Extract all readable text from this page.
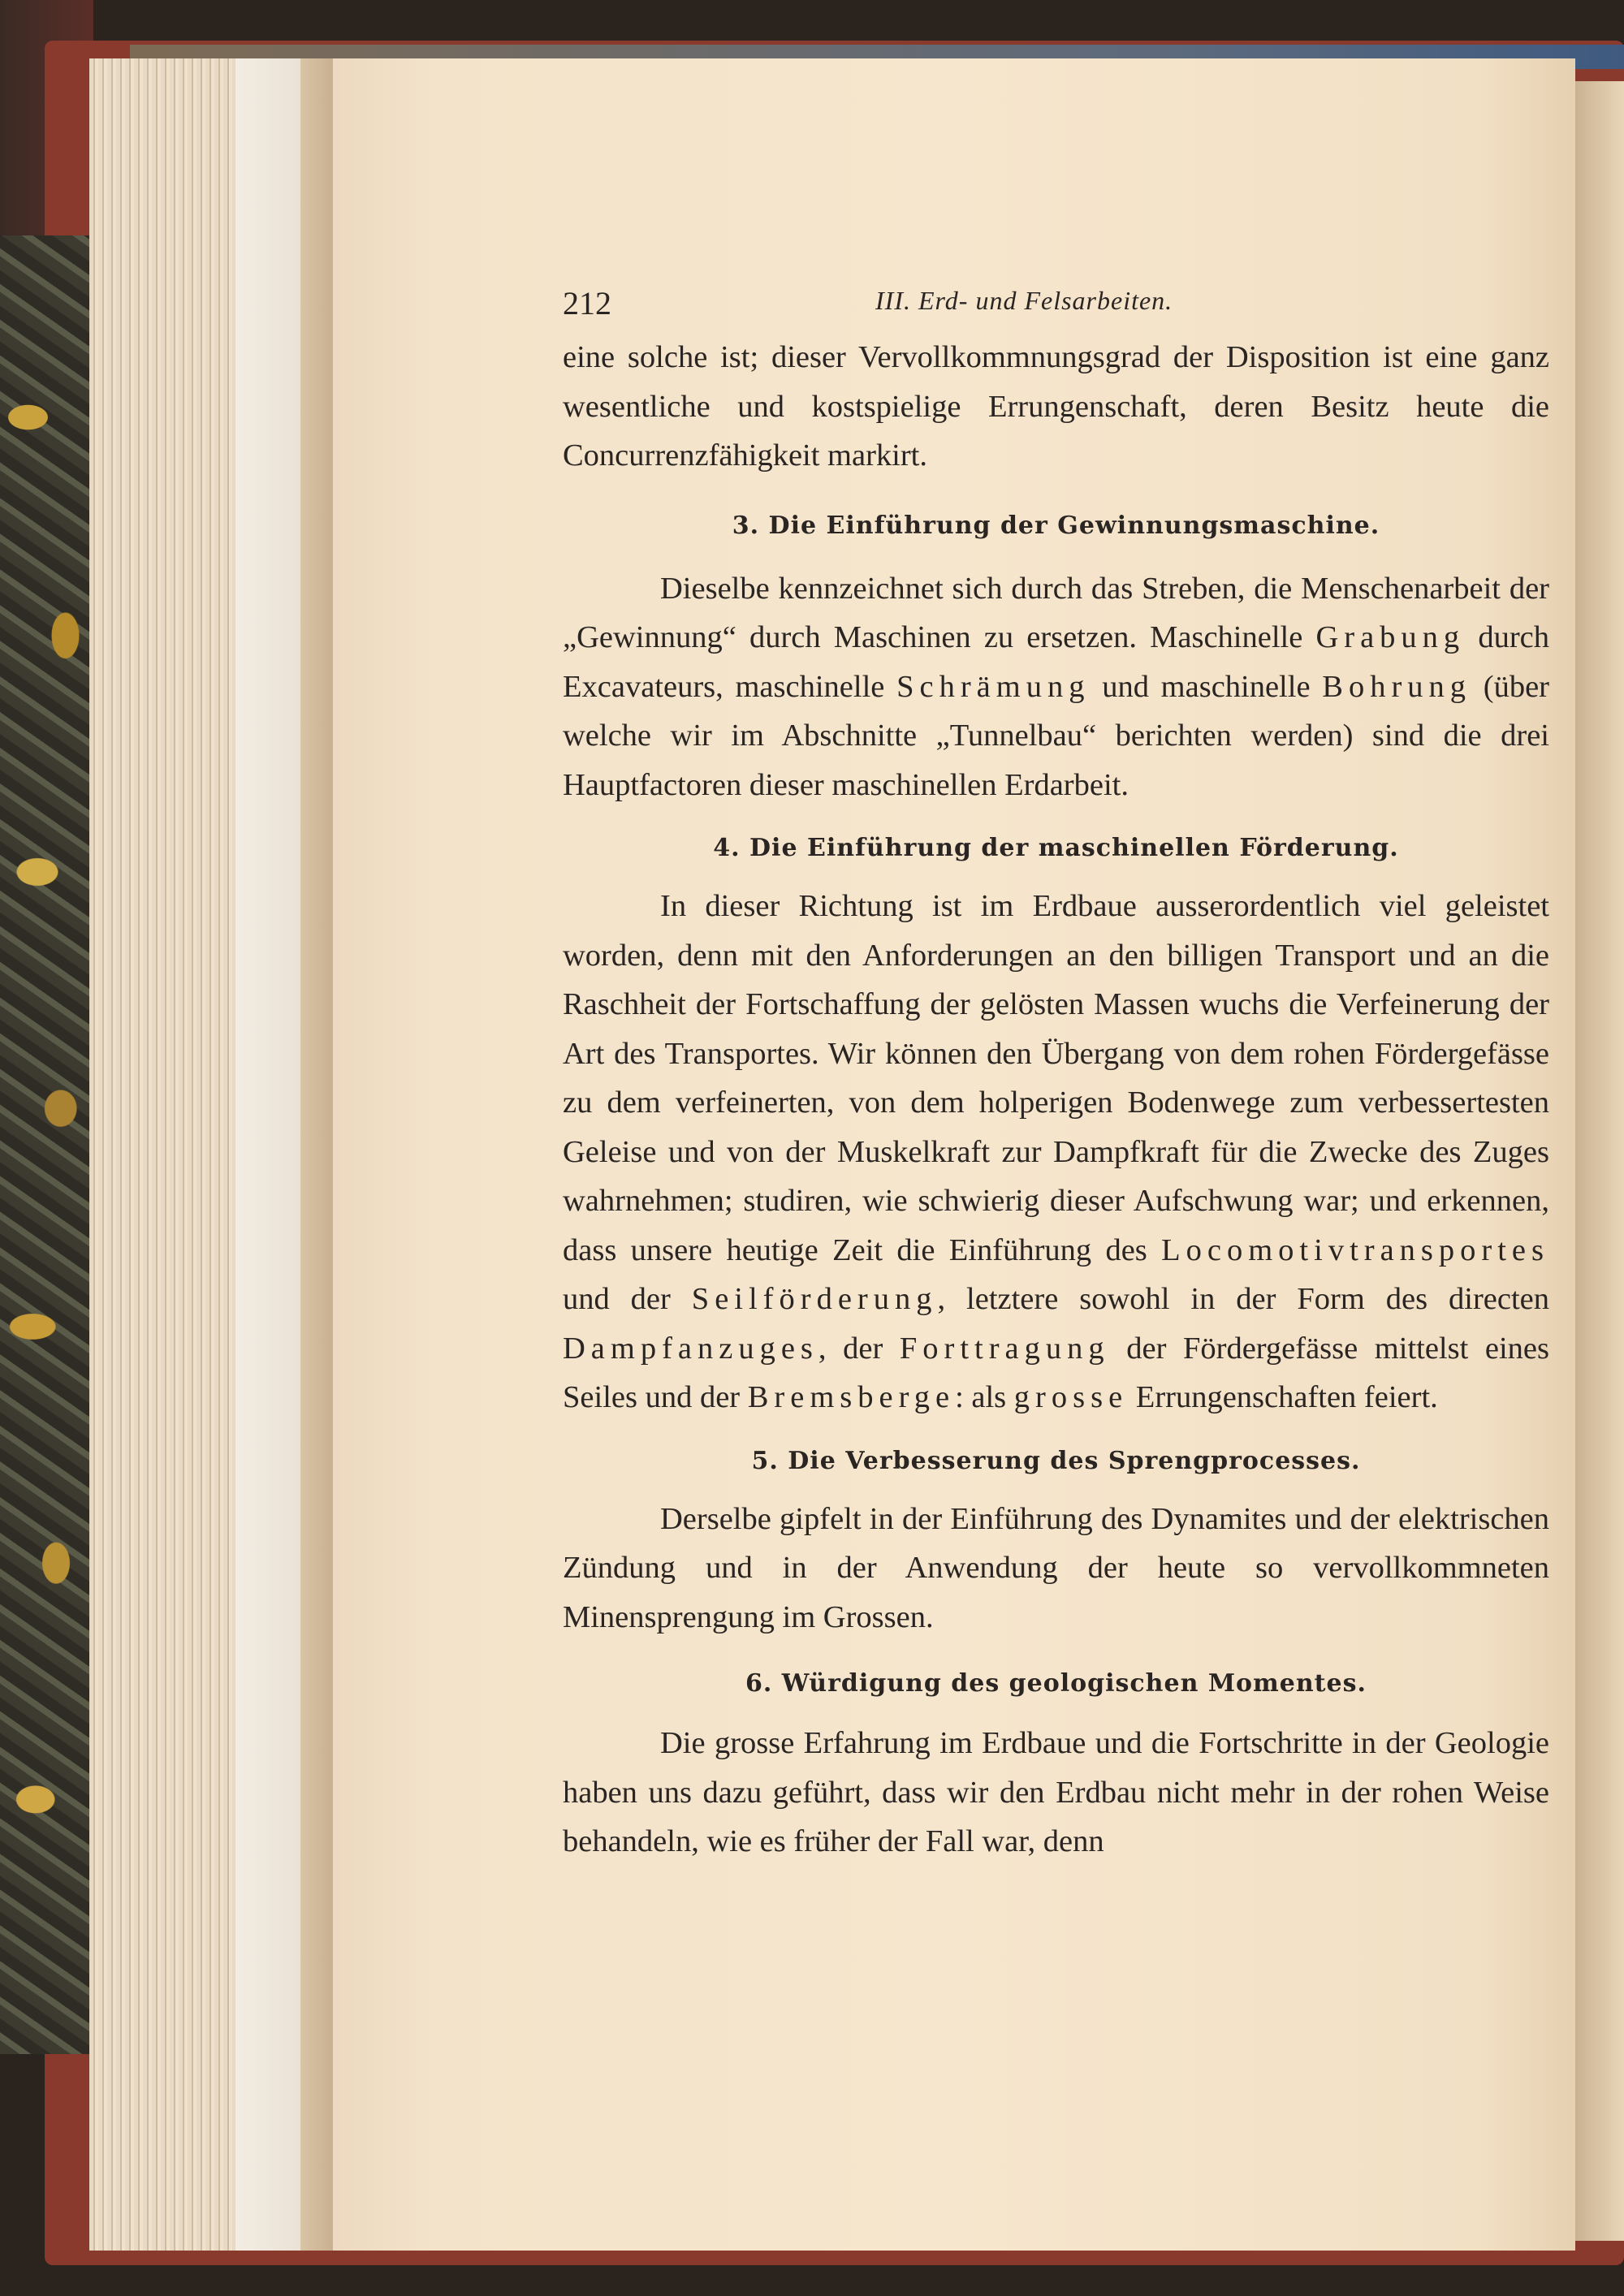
212	III. Erd- und Felsarbeiten.

eine solche ist; dieser Vervollkommnungsgrad der Disposition ist eine ganz wesentliche und kostspielige Errungenschaft, deren Besitz heute die Concurrenzfähigkeit markirt.

3. Die Einführung der Gewinnungsmaschine.

Dieselbe kennzeichnet sich durch das Streben, die Menschenarbeit der „Gewinnung“ durch Maschinen zu ersetzen. Maschinelle Grabung durch Excavateurs, maschinelle Schrämung und maschinelle Bohrung (über welche wir im Abschnitte „Tunnelbau“ berichten werden) sind die drei Hauptfactoren dieser maschinellen Erdarbeit.

4. Die Einführung der maschinellen Förderung.

In dieser Richtung ist im Erdbaue ausserordentlich viel geleistet worden, denn mit den Anforderungen an den billigen Transport und an die Raschheit der Fortschaffung der gelösten Massen wuchs die Verfeinerung der Art des Transportes. Wir können den Übergang von dem rohen Fördergefässe zu dem verfeinerten, von dem holperigen Bodenwege zum verbessertesten Geleise und von der Muskelkraft zur Dampfkraft für die Zwecke des Zuges wahrnehmen; studiren, wie schwierig dieser Aufschwung war; und erkennen, dass unsere heutige Zeit die Einführung des Locomotivtransportes und der Seilförderung, letztere sowohl in der Form des directen Dampfanzuges, der Forttragung der Fördergefässe mittelst eines Seiles und der Bremsberge: als grosse Errungenschaften feiert.

5. Die Verbesserung des Sprengprocesses.

Derselbe gipfelt in der Einführung des Dynamites und der elektrischen Zündung und in der Anwendung der heute so vervollkommneten Minensprengung im Grossen.

6. Würdigung des geologischen Momentes.

Die grosse Erfahrung im Erdbaue und die Fortschritte in der Geologie haben uns dazu geführt, dass wir den Erdbau nicht mehr in der rohen Weise behandeln, wie es früher der Fall war, denn
